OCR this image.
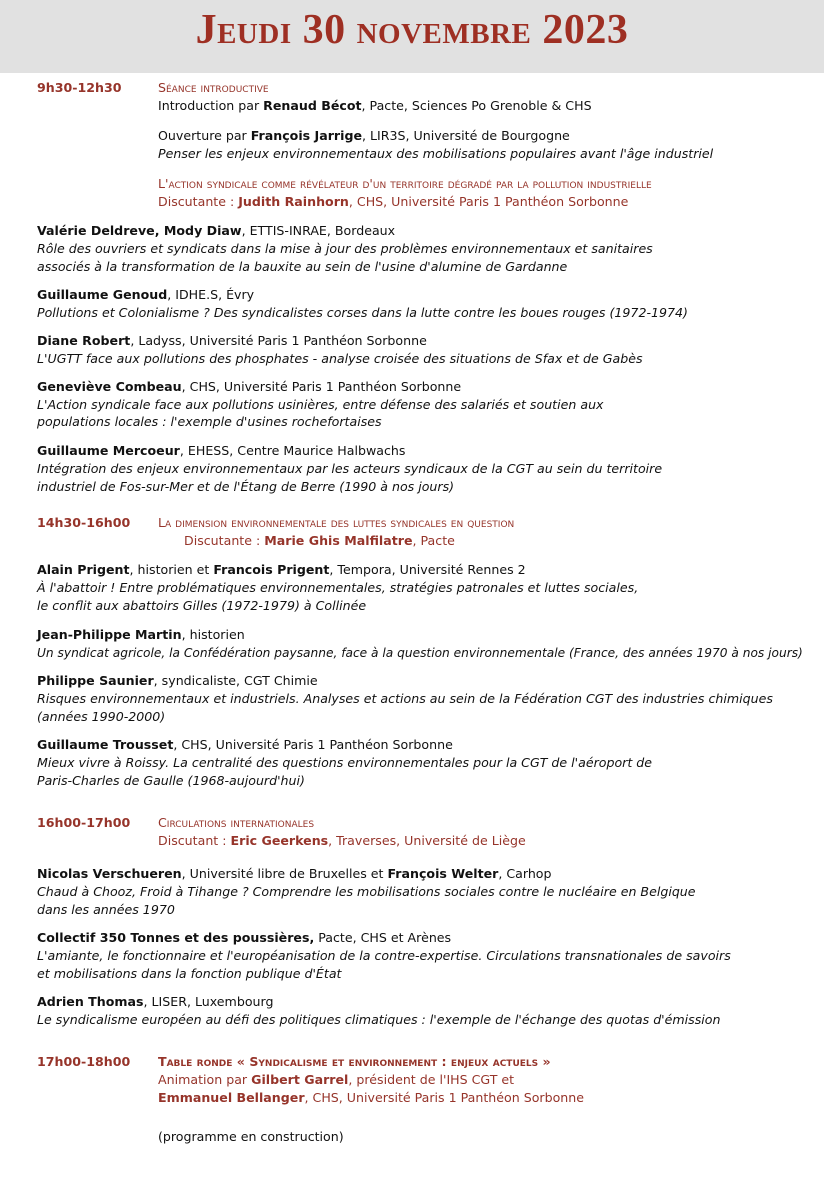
Jeudi 30 novembre 2023
9h30-12h30	Séance introductive
Introduction par Renaud Bécot, Pacte, Sciences Po Grenoble & CHS
Ouverture par François Jarrige, LIR3S, Université de Bourgogne
Penser les enjeux environnementaux des mobilisations populaires avant l'âge industriel
L'action syndicale comme révélateur d'un territoire dégradé par la pollution industrielle
Discutante : Judith Rainhorn, CHS, Université Paris 1 Panthéon Sorbonne
Valérie Deldreve, Mody Diaw, ETTIS-INRAE, Bordeaux
Rôle des ouvriers et syndicats dans la mise à jour des problèmes environnementaux et sanitaires
associés à la transformation de la bauxite au sein de l'usine d'alumine de Gardanne
Guillaume Genoud, IDHE.S, Évry
Pollutions et Colonialisme ? Des syndicalistes corses dans la lutte contre les boues rouges (1972-1974)
Diane Robert, Ladyss, Université Paris 1 Panthéon Sorbonne
L'UGTT face aux pollutions des phosphates - analyse croisée des situations de Sfax et de Gabès
Geneviève Combeau, CHS, Université Paris 1 Panthéon Sorbonne
L'Action syndicale face aux pollutions usinières, entre défense des salariés et soutien aux
populations locales : l'exemple d'usines rochefortaises
Guillaume Mercoeur, EHESS, Centre Maurice Halbwachs
Intégration des enjeux environnementaux par les acteurs syndicaux de la CGT au sein du territoire
industriel de Fos-sur-Mer et de l'Étang de Berre (1990 à nos jours)
14h30-16h00 La dimension environnementale des luttes syndicales en question
Discutante : Marie Ghis Malfilatre, Pacte
Alain Prigent, historien et Francois Prigent, Tempora, Université Rennes 2
À l'abattoir ! Entre problématiques environnementales, stratégies patronales et luttes sociales,
le conflit aux abattoirs Gilles (1972-1979) à Collinée
Jean-Philippe Martin, historien
Un syndicat agricole, la Confédération paysanne, face à la question environnementale (France, des années 1970 à nos jours)
Philippe Saunier, syndicaliste, CGT Chimie
Risques environnementaux et industriels. Analyses et actions au sein de la Fédération CGT des industries chimiques
(années 1990-2000)
Guillaume Trousset, CHS, Université Paris 1 Panthéon Sorbonne
Mieux vivre à Roissy. La centralité des questions environnementales pour la CGT de l'aéroport de
Paris-Charles de Gaulle (1968-aujourd'hui)
16h00-17h00 Circulations internationales
Discutant : Eric Geerkens, Traverses, Université de Liège
Nicolas Verschueren, Université libre de Bruxelles et François Welter, Carhop
Chaud à Chooz, Froid à Tihange ? Comprendre les mobilisations sociales contre le nucléaire en Belgique
dans les années 1970
Collectif 350 Tonnes et des poussières, Pacte, CHS et Arènes
L'amiante, le fonctionnaire et l'européanisation de la contre-expertise. Circulations transnationales de savoirs
et mobilisations dans la fonction publique d'État
Adrien Thomas, LISER, Luxembourg
Le syndicalisme européen au défi des politiques climatiques : l'exemple de l'échange des quotas d'émission
17h00-18h00 Table ronde « Syndicalisme et environnement : enjeux actuels »
Animation par Gilbert Garrel, président de l'IHS CGT et
Emmanuel Bellanger, CHS, Université Paris 1 Panthéon Sorbonne
(programme en construction)
